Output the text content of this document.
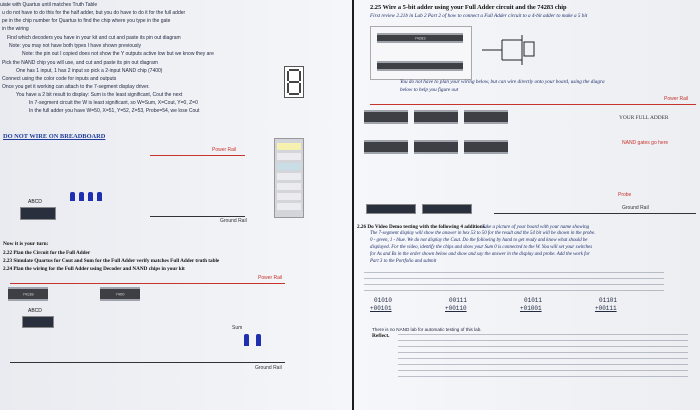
uiate with Quartus until matches Truth Table
u do not have to do this for the half adder, but you do have to do it for the full adder
pe in the chip number for Quartus to find the chip where you type in the gate
in the wiring
Find which decoders you have in your kit and cut and paste its pin out diagram
Note: you may not have both types I have shown previously
Note: the pin out I copied does not show the Y outputs active low but we know they are
Pick the NAND chip you will use, and cut and paste its pin out diagram
One has 1 input, 1 has 2 input so pick a 2-input NAND chip (7400)
Connect using the color code for inputs and outputs
Once you get it working can attach to the 7-segment display driver.
You have a 2 bit result to display: Sum is the least significant, Cout the next
In 7-segment circuit the W is least significant, so W=Sum, X=Cout, Y=0, Z=0
In the full adder you have W=50, X=51, Y=52, Z=53, Probe=54, we lose Cout
DO NOT WIRE ON BREADBOARD
Power Rail
ABCD
Ground Rail
Now it is your turn:
2.22 Plan the Circuit for the Full Adder
2.23 Simulate Quartus for Cout and Sum for the Full Adder verify matches Full Adder truth table
2.24 Plan the wiring for the Full Adder using Decoder and NAND chips in your kit
Power Rail
74138	7400
ABCD
Sum
Ground Rail
2.25 Wire a 5-bit adder using your Full Adder circuit and the 74283 chip
First review 2.21b in Lab 2 Part 2 of how to connect a Full Adder circuit to a 4-bit adder to make a 5 bit
74283
You do not have to plan your wiring below, but can wire directly onto your board, using the diagra
below to help you figure out
Power Rail
YOUR FULL ADDER
NAND gates go here
Probe
Ground Rail
2.26 Do Video Demo testing with the following 4 additions.
Take a picture of your board with your name showing
The 7-segment display will show the answer in hex 53 to 50 for the result and the 54 bit will be shown in the probe.
0 - green, 1 - blue. We do not display the Cout. Do the following by hand to get ready and know what should be
displayed. For the video, identify the chips and show your Sum 0 is connected to the W. You will set your switches
for As and Bs in the order shown below and show and say the answer in the display and probe. Add the work for
Part 3 to the Portfolio and submit
01010
+00101
00111
+00110
01011
+01001
01101
+00111
There is no NAND lab for automatic testing of this lab.
Reflect.
